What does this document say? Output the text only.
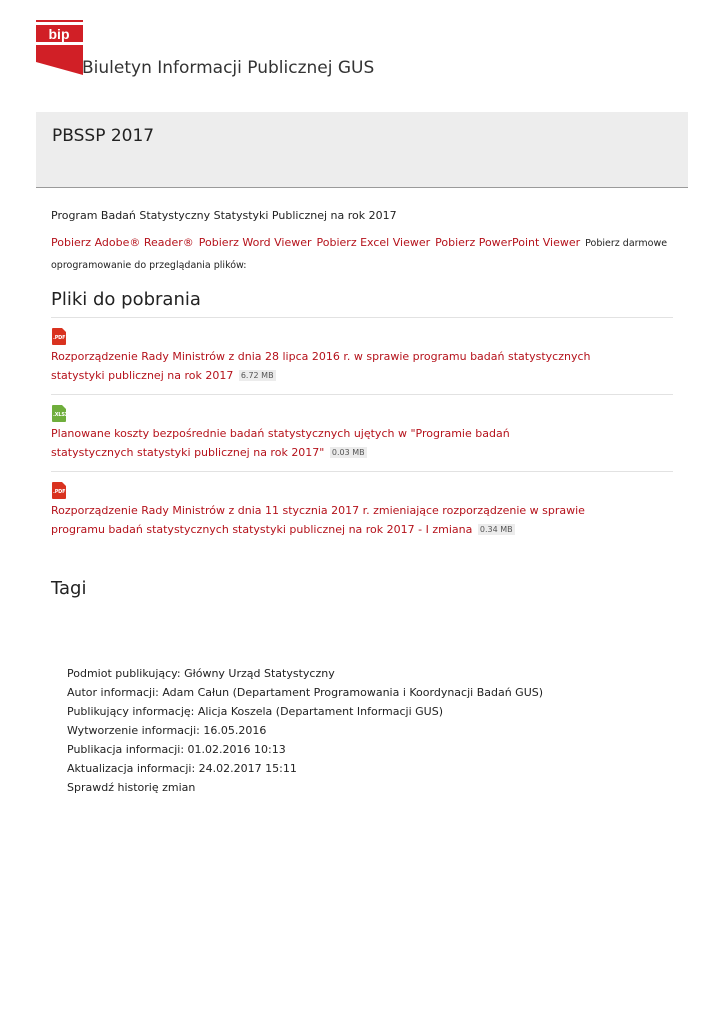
bip
Biuletyn Informacji Publicznej GUS
PBSSP 2017

Program Badań Statystyczny Statystyki Publicznej na rok 2017

Pobierz Adobe® Reader® Pobierz Word Viewer Pobierz Excel Viewer Pobierz PowerPoint Viewer Pobierz darmowe oprogramowanie do przeglądania plików:
Pliki do pobrania
.PDF
Rozporządzenie Rady Ministrów z dnia 28 lipca 2016 r. w sprawie programu badań statystycznych statystyki publicznej na rok 2017 6.72 MB
.XLSX
Planowane koszty bezpośrednie badań statystycznych ujętych w "Programie badań statystycznych statystyki publicznej na rok 2017" 0.03 MB
.PDF
Rozporządzenie Rady Ministrów z dnia 11 stycznia 2017 r. zmieniające rozporządzenie w sprawie programu badań statystycznych statystyki publicznej na rok 2017 - I zmiana 0.34 MB
Tagi
Podmiot publikujący: Główny Urząd Statystyczny
Autor informacji: Adam Całun (Departament Programowania i Koordynacji Badań GUS)
Publikujący informację: Alicja Koszela (Departament Informacji GUS)
Wytworzenie informacji: 16.05.2016
Publikacja informacji: 01.02.2016 10:13
Aktualizacja informacji: 24.02.2017 15:11
Sprawdź historię zmian
